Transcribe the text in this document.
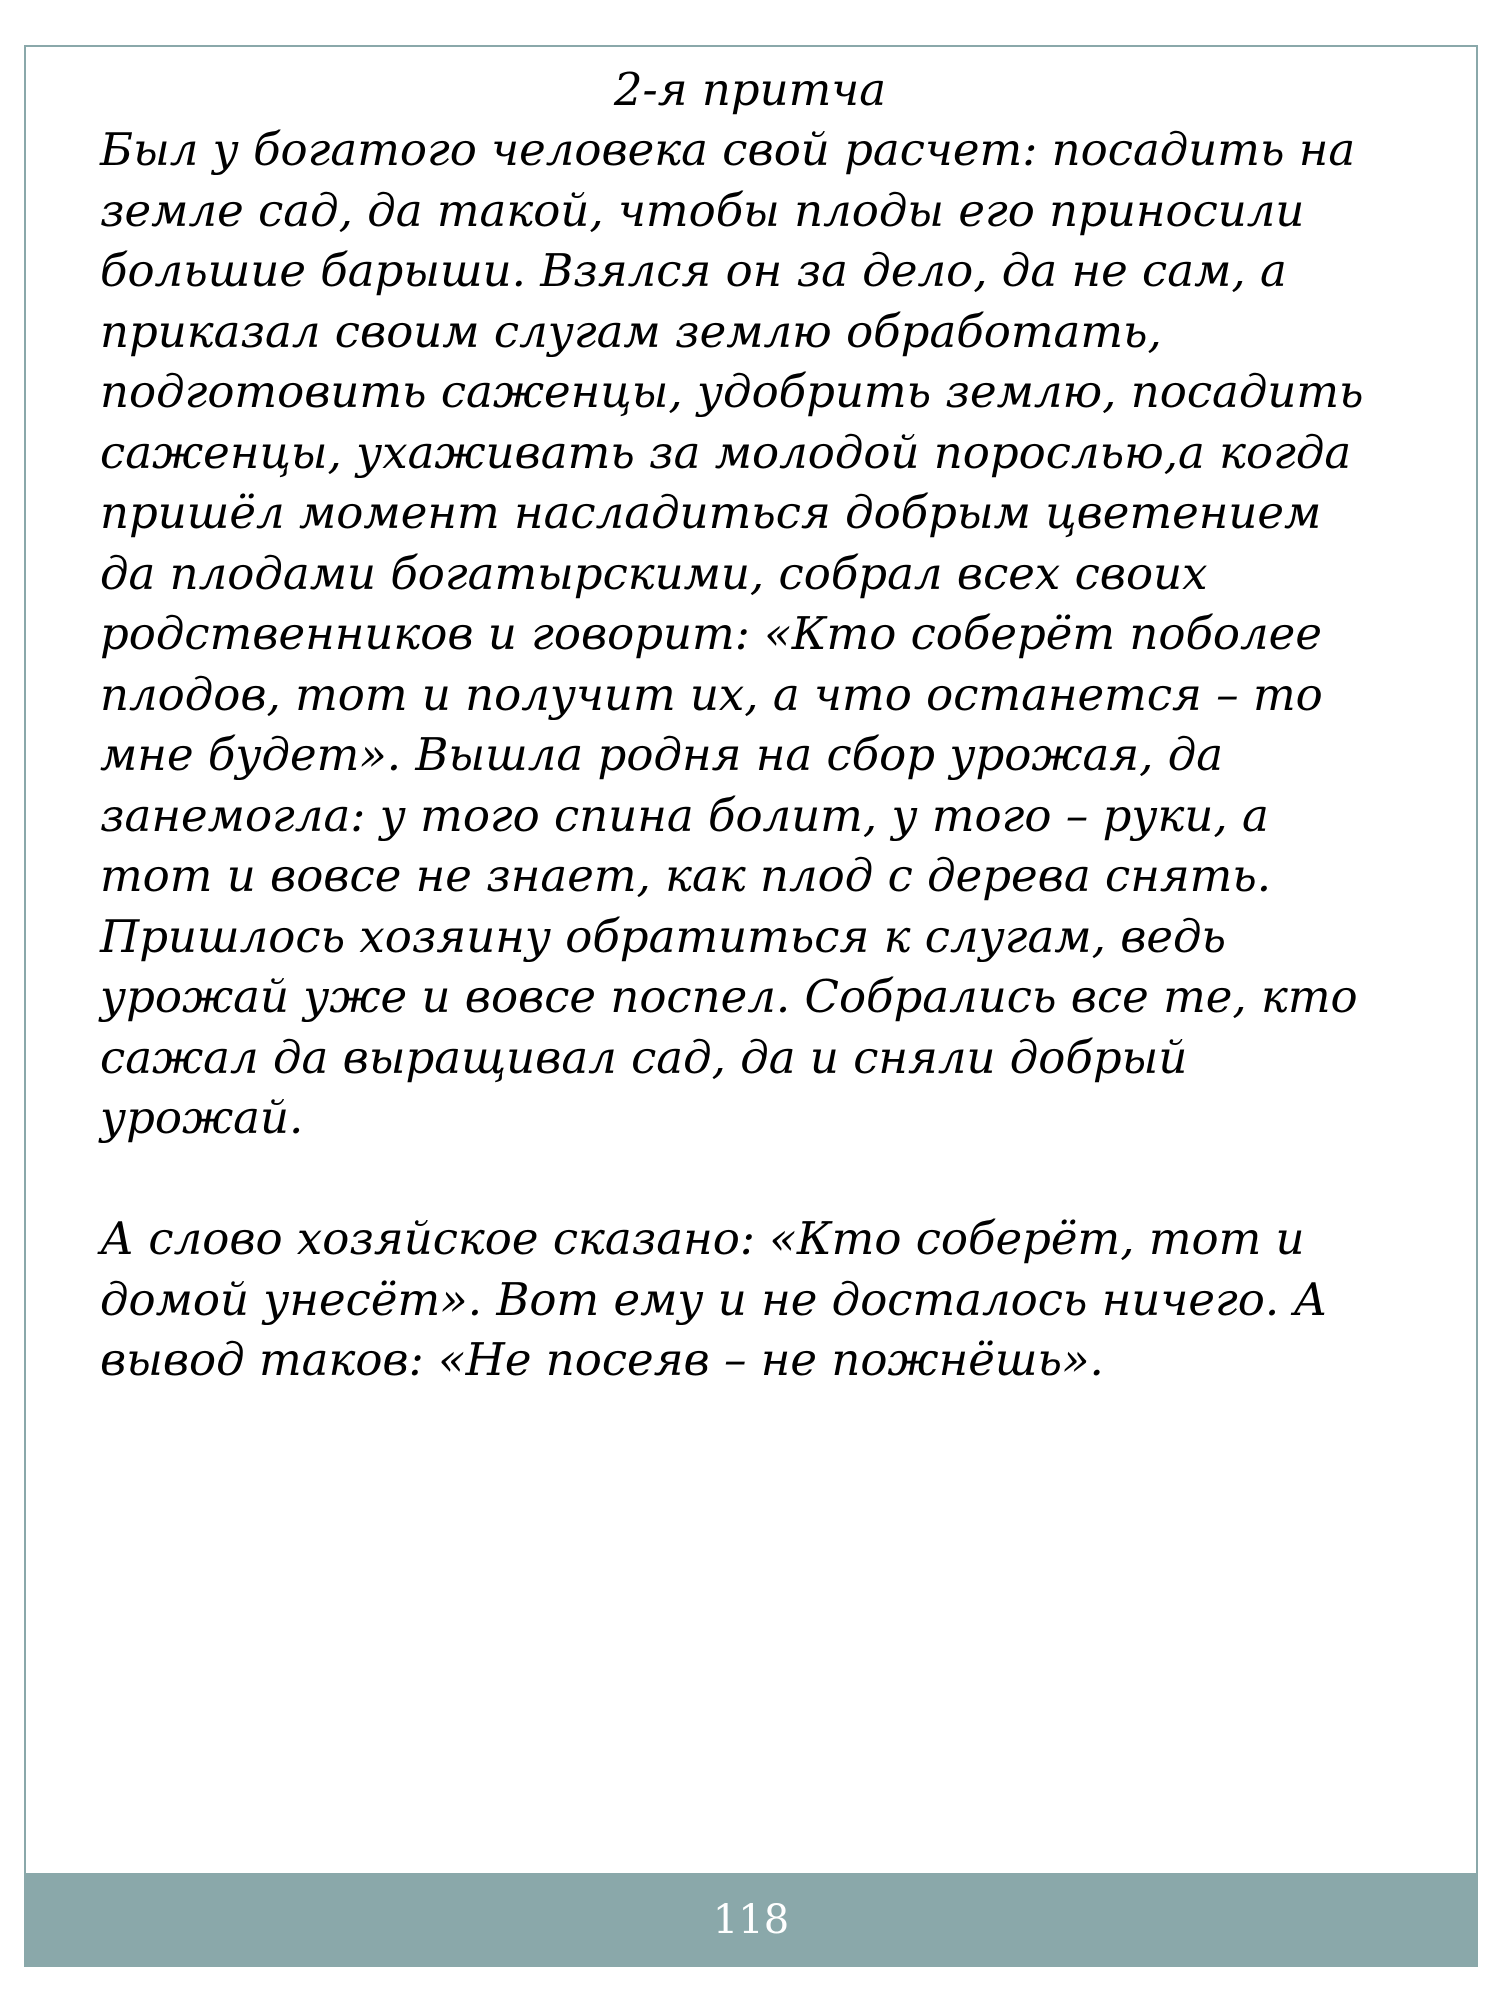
2-я притча
Был у богатого человека свой расчет: посадить на
земле сад, да такой, чтобы плоды его приносили
большие барыши. Взялся он за дело, да не сам, а
приказал своим слугам землю обработать,
подготовить саженцы, удобрить землю, посадить
саженцы, ухаживать за молодой порослью,а когда
пришёл момент насладиться добрым цветением
да плодами богатырскими, собрал всех своих
родственников и говорит: «Кто соберёт поболее
плодов, тот и получит их, а что останется – то
мне будет». Вышла родня на сбор урожая, да
занемогла: у того спина болит, у того – руки, а
тот и вовсе не знает, как плод с дерева снять.
Пришлось хозяину обратиться к слугам, ведь
урожай уже и вовсе поспел. Собрались все те, кто
сажал да выращивал сад, да и сняли добрый
урожай.
А слово хозяйское сказано: «Кто соберёт, тот и
домой унесёт». Вот ему и не досталось ничего. А
вывод таков: «Не посеяв – не пожнёшь».
118
